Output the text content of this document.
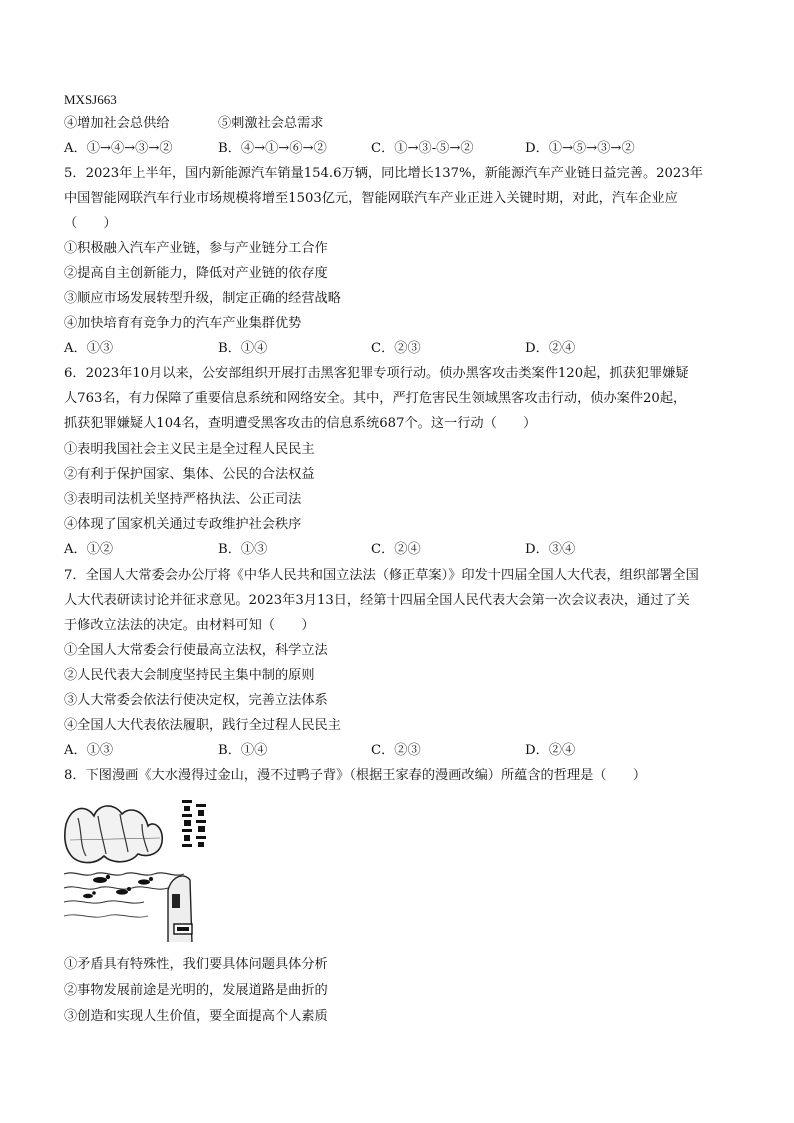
MXSJ663
④增加社会总供给	⑤刺激社会总需求
A．①→④→③→②	B．④→①→⑥→②	C．①→③-⑤→②	D．①→⑤→③→②
5．2023年上半年，国内新能源汽车销量154.6万辆，同比增长137%，新能源汽车产业链日益完善。2023年
中国智能网联汽车行业市场规模将增至1503亿元，智能网联汽车产业正进入关键时期，对此，汽车企业应
（　　）
①积极融入汽车产业链，参与产业链分工合作
②提高自主创新能力，降低对产业链的依存度
③顺应市场发展转型升级，制定正确的经营战略
④加快培育有竞争力的汽车产业集群优势
A．①③	B．①④	C．②③	D．②④
6．2023年10月以来，公安部组织开展打击黑客犯罪专项行动。侦办黑客攻击类案件120起，抓获犯罪嫌疑
人763名，有力保障了重要信息系统和网络安全。其中，严打危害民生领域黑客攻击行动，侦办案件20起，
抓获犯罪嫌疑人104名，查明遭受黑客攻击的信息系统687个。这一行动（　　）
①表明我国社会主义民主是全过程人民民主
②有利于保护国家、集体、公民的合法权益
③表明司法机关坚持严格执法、公正司法
④体现了国家机关通过专政维护社会秩序
A．①②	B．①③	C．②④	D．③④
7．全国人大常委会办公厅将《中华人民共和国立法法（修正草案）》印发十四届全国人大代表，组织部署全国
人大代表研读讨论并征求意见。2023年3月13日，经第十四届全国人民代表大会第一次会议表决，通过了关
于修改立法法的决定。由材料可知（　　）
①全国人大常委会行使最高立法权，科学立法
②人民代表大会制度坚持民主集中制的原则
③人大常委会依法行使决定权，完善立法体系
④全国人大代表依法履职，践行全过程人民民主
A．①③	B．①④	C．②③	D．②④
8．下图漫画《大水漫得过金山，漫不过鸭子背》（根据王家春的漫画改编）所蕴含的哲理是（　　）
①矛盾具有特殊性，我们要具体问题具体分析
②事物发展前途是光明的，发展道路是曲折的
③创造和实现人生价值，要全面提高个人素质
